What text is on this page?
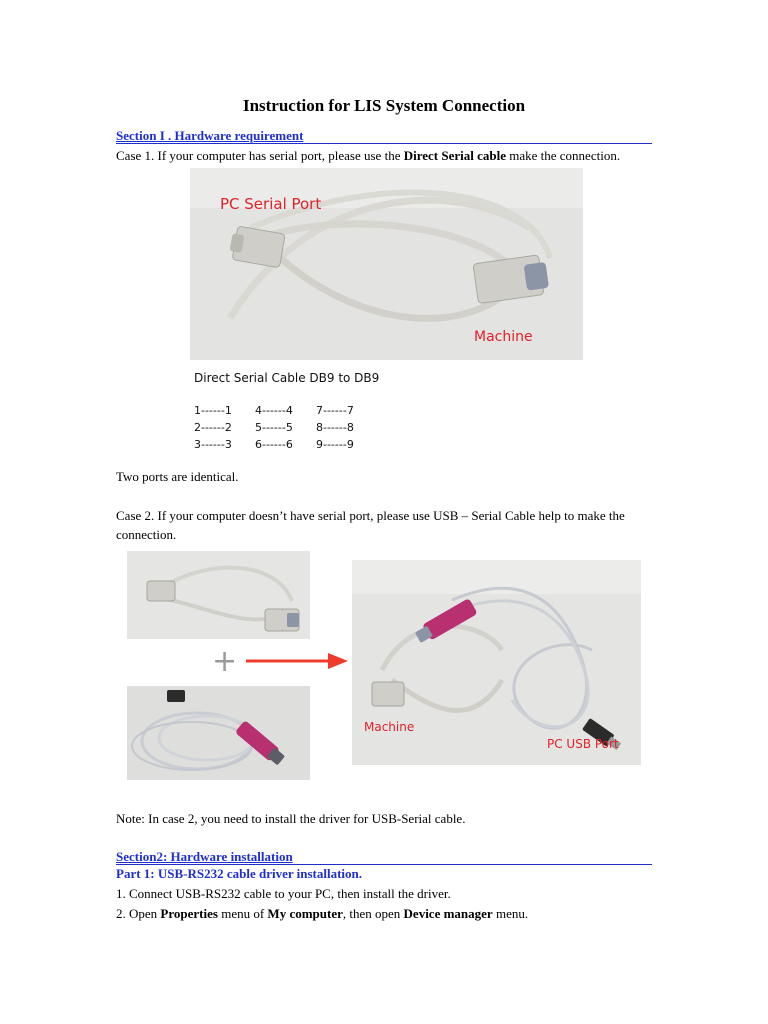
Instruction for LIS System Connection
Section I . Hardware requirement
Case 1. If your computer has serial port, please use the Direct Serial cable make the connection.
PC Serial Port
Machine
Direct Serial Cable DB9 to DB9
1------1 4------4 7------7
2------2 5------5 8------8
3------3 6------6 9------9
Two ports are identical.
Case 2. If your computer doesn’t have serial port, please use USB – Serial Cable help to make the
connection.
+
Machine
PC USB Port
Note: In case 2, you need to install the driver for USB-Serial cable.
Section2: Hardware installation
Part 1: USB-RS232 cable driver installation.
1. Connect USB-RS232 cable to your PC, then install the driver.
2. Open Properties menu of My computer, then open Device manager menu.
